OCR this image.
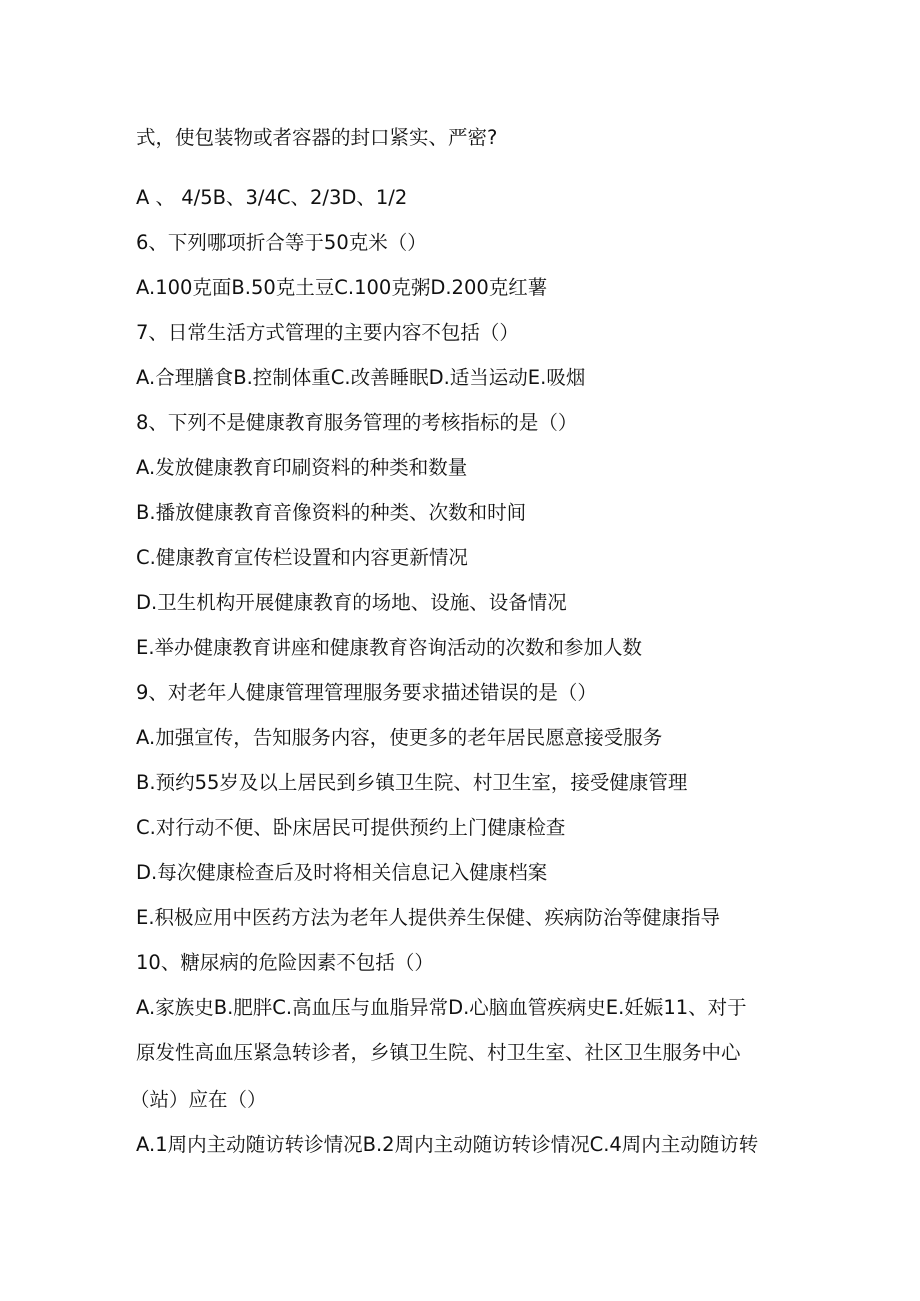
式，使包装物或者容器的封口紧实、严密?
A 、 4/5B、3/4C、2/3D、1/2
6、下列哪项折合等于50克米（）
A.100克面B.50克土豆C.100克粥D.200克红薯
7、日常生活方式管理的主要内容不包括（）
A.合理膳食B.控制体重C.改善睡眠D.适当运动E.吸烟
8、下列不是健康教育服务管理的考核指标的是（）
A.发放健康教育印刷资料的种类和数量
B.播放健康教育音像资料的种类、次数和时间
C.健康教育宣传栏设置和内容更新情况
D.卫生机构开展健康教育的场地、设施、设备情况
E.举办健康教育讲座和健康教育咨询活动的次数和参加人数
9、对老年人健康管理管理服务要求描述错误的是（）
A.加强宣传，告知服务内容，使更多的老年居民愿意接受服务
B.预约55岁及以上居民到乡镇卫生院、村卫生室，接受健康管理
C.对行动不便、卧床居民可提供预约上门健康检查
D.每次健康检查后及时将相关信息记入健康档案
E.积极应用中医药方法为老年人提供养生保健、疾病防治等健康指导
10、糖尿病的危险因素不包括（）
A.家族史B.肥胖C.高血压与血脂异常D.心脑血管疾病史E.妊娠11、对于
原发性高血压紧急转诊者，乡镇卫生院、村卫生室、社区卫生服务中心
（站）应在（）
A.1周内主动随访转诊情况B.2周内主动随访转诊情况C.4周内主动随访转
